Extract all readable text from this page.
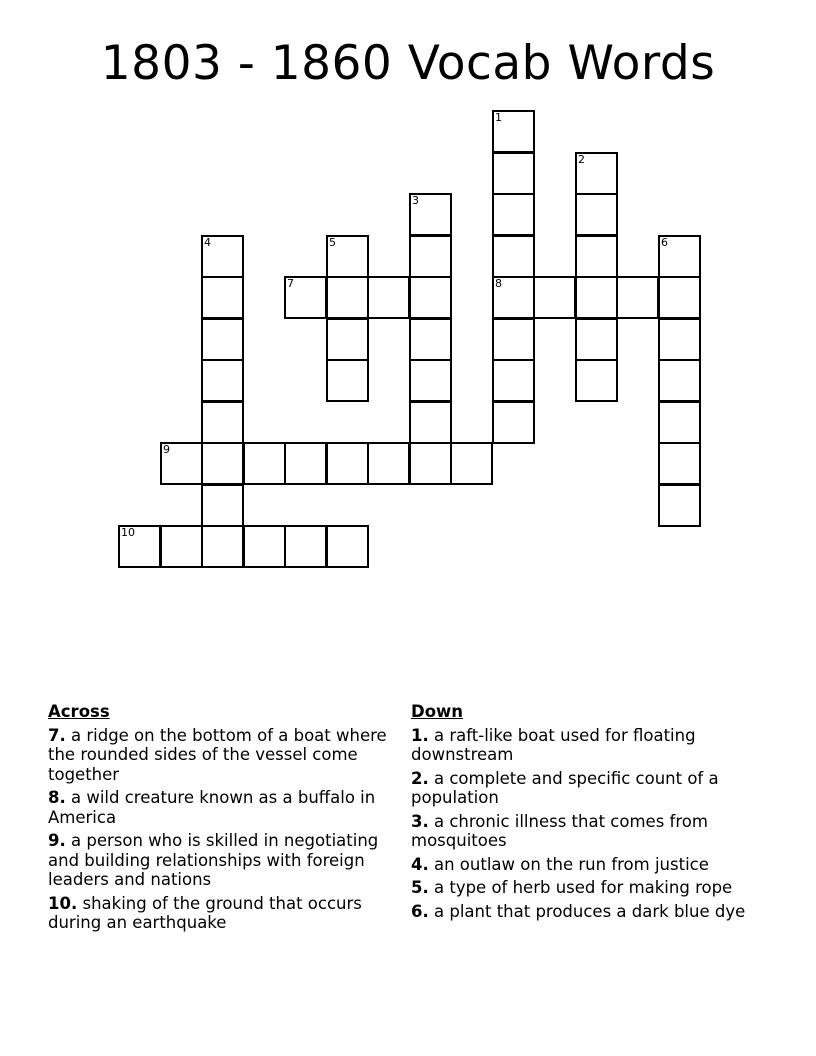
1803 - 1860 Vocab Words
1
8
2
3
4	5	6
7
9
10
Across
7. a ridge on the bottom of a boat where the rounded sides of the vessel come together
8. a wild creature known as a buffalo in America
9. a person who is skilled in negotiating and building relationships with foreign leaders and nations
10. shaking of the ground that occurs during an earthquake
Down
1. a raft-like boat used for floating downstream
2. a complete and specific count of a population
3. a chronic illness that comes from mosquitoes
4. an outlaw on the run from justice
5. a type of herb used for making rope
6. a plant that produces a dark blue dye
